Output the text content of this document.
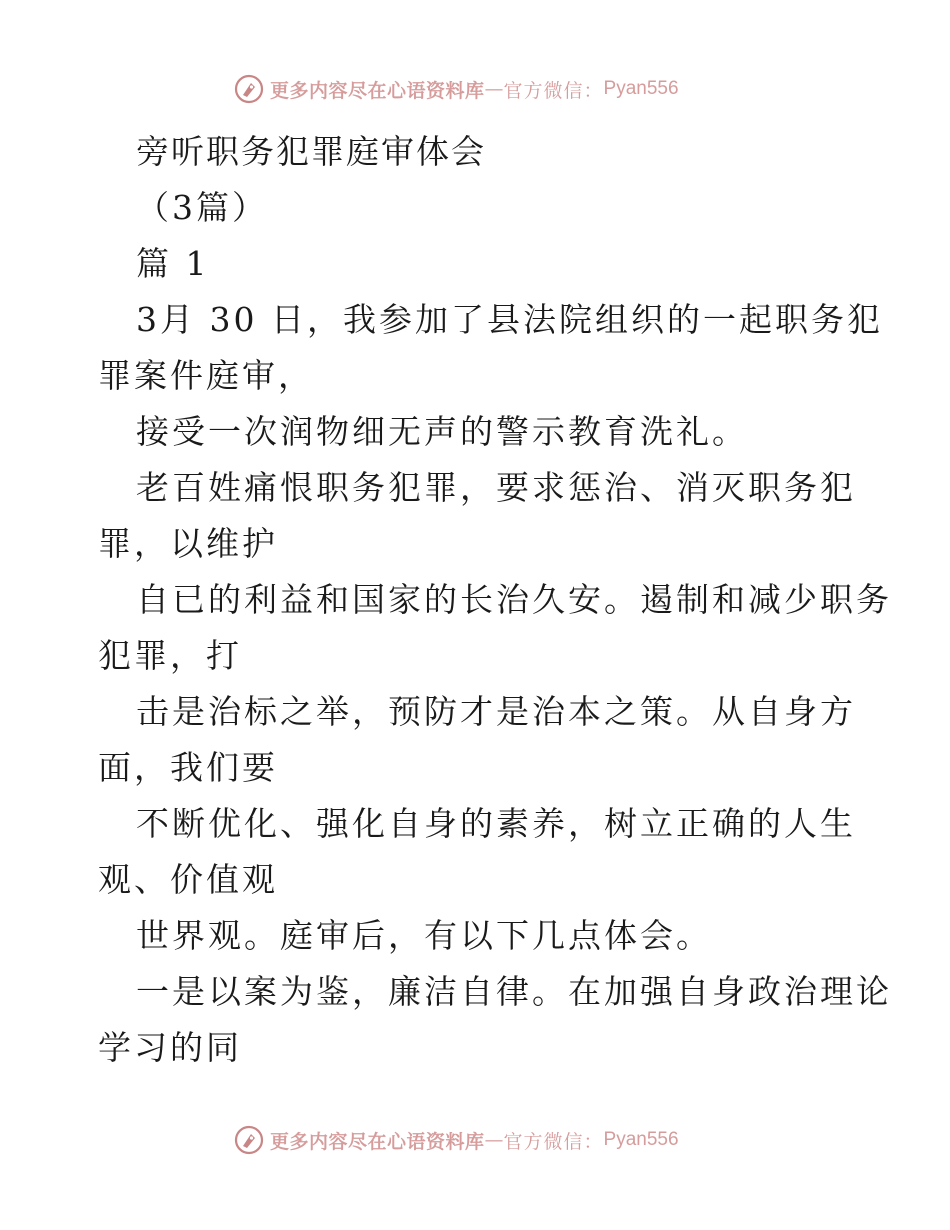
更多内容尽在心语资料库 — 官方微信： Pyan556
旁听职务犯罪庭审体会
（3篇）
篇 1
3月 30 日，我参加了县法院组织的一起职务犯
罪案件庭审，
接受一次润物细无声的警示教育洗礼。
老百姓痛恨职务犯罪，要求惩治、消灭职务犯
罪，以维护
自已的利益和国家的长治久安。遏制和减少职务
犯罪，打
击是治标之举，预防才是治本之策。从自身方
面，我们要
不断优化、强化自身的素养，树立正确的人生
观、价值观
世界观。庭审后，有以下几点体会。
一是以案为鉴，廉洁自律。在加强自身政治理论
学习的同
更多内容尽在心语资料库 — 官方微信： Pyan556
